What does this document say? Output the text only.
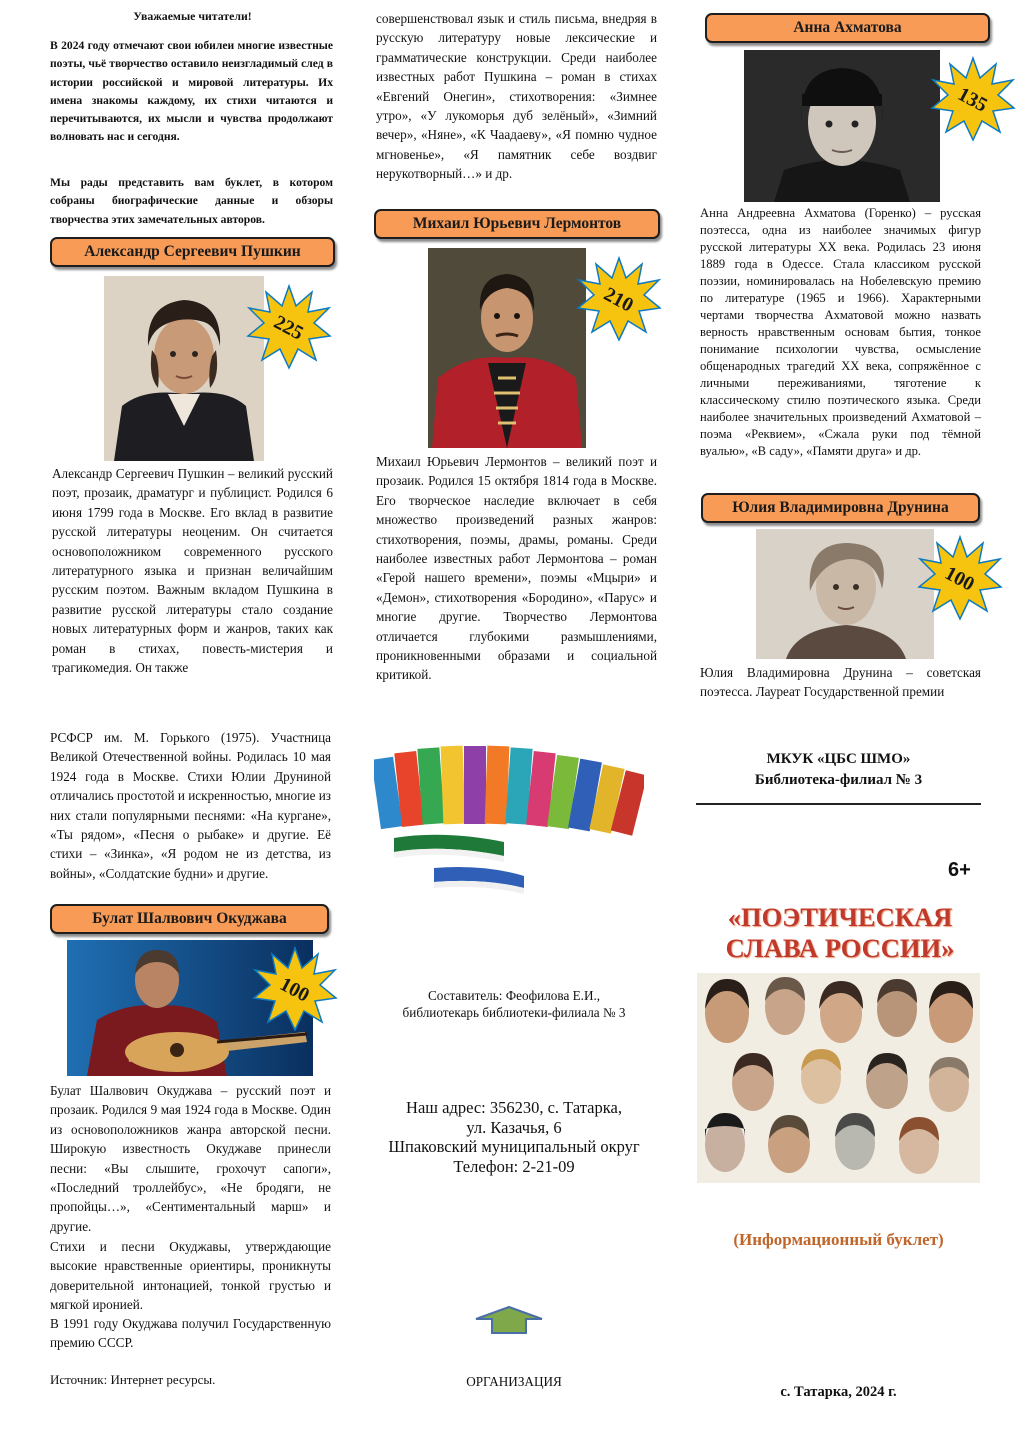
Уважаемые читатели!
В 2024 году отмечают свои юбилеи многие известные поэты, чьё творчество оставило неизгладимый след в истории российской и мировой литературы. Их имена знакомы каждому, их стихи читаются и перечитываются, их мысли и чувства продолжают волновать нас и сегодня.
Мы рады представить вам буклет, в котором собраны биографические данные и обзоры творчества этих замечательных авторов.
Александр Сергеевич Пушкин
225
Александр Сергеевич Пушкин – великий русский поэт, прозаик, драматург и публицист. Родился 6 июня 1799 года в Москве. Его вклад в развитие русской литературы неоценим. Он считается основоположником современного русского литературного языка и признан величайшим русским поэтом. Важным вкладом Пушкина в развитие русской литературы стало создание новых литературных форм и жанров, таких как роман в стихах, повесть-мистерия и трагикомедия. Он также
РСФСР им. М. Горького (1975). Участница Великой Отечественной войны. Родилась 10 мая 1924 года в Москве. Стихи Юлии Друниной отличались простотой и искренностью, многие из них стали популярными песнями: «На кургане», «Ты рядом», «Песня о рыбаке» и другие. Её стихи – «Зинка», «Я родом не из детства, из войны», «Солдатские будни» и другие.
Булат Шалвович Окуджава
100
Булат Шалвович Окуджава – русский поэт и прозаик. Родился 9 мая 1924 года в Москве. Один из основоположников жанра авторской песни. Широкую известность Окуджаве принесли песни: «Вы слышите, грохочут сапоги», «Последний троллейбус», «Не бродяги, не пропойцы…», «Сентиментальный марш» и другие.
Стихи и песни Окуджавы, утверждающие высокие нравственные ориентиры, проникнуты доверительной интонацией, тонкой грустью и мягкой иронией.
В 1991 году Окуджава получил Государственную премию СССР.
Источник: Интернет ресурсы.
совершенствовал язык и стиль письма, внедряя в русскую литературу новые лексические и грамматические конструкции. Среди наиболее известных работ Пушкина – роман в стихах «Евгений Онегин», стихотворения: «Зимнее утро», «У лукоморья дуб зелёный», «Зимний вечер», «Няне», «К Чаадаеву», «Я помню чудное мгновенье», «Я памятник себе воздвиг нерукотворный…» и др.
Михаил Юрьевич Лермонтов
210
Михаил Юрьевич Лермонтов – великий поэт и прозаик. Родился 15 октября 1814 года в Москве. Его творческое наследие включает в себя множество произведений разных жанров: стихотворения, поэмы, драмы, романы. Среди наиболее известных работ Лермонтова – роман «Герой нашего времени», поэмы «Мцыри» и «Демон», стихотворения «Бородино», «Парус» и многие другие. Творчество Лермонтова отличается глубокими размышлениями, проникновенными образами и социальной критикой.
Составитель: Феофилова Е.И.,
библиотекарь библиотеки-филиала № 3
Наш адрес: 356230, с. Татарка,
ул. Казачья, 6
Шпаковский муниципальный округ
Телефон: 2-21-09
ОРГАНИЗАЦИЯ
Анна Ахматова
135
Анна Андреевна Ахматова (Горенко) – русская поэтесса, одна из наиболее значимых фигур русской литературы XX века. Родилась 23 июня 1889 года в Одессе. Стала классиком русской поэзии, номинировалась на Нобелевскую премию по литературе (1965 и 1966). Характерными чертами творчества Ахматовой можно назвать верность нравственным основам бытия, тонкое понимание психологии чувства, осмысление общенародных трагедий XX века, сопряжённое с личными переживаниями, тяготение к классическому стилю поэтического языка. Среди наиболее значительных произведений Ахматовой – поэма «Реквием», «Сжала руки под тёмной вуалью», «В саду», «Памяти друга» и др.
Юлия Владимировна Друнина
100
Юлия Владимировна Друнина – советская поэтесса. Лауреат Государственной премии
МКУК «ЦБС ШМО»
Библиотека-филиал № 3
6+
«ПОЭТИЧЕСКАЯ
СЛАВА РОССИИ»
(Информационный буклет)
с. Татарка, 2024 г.
